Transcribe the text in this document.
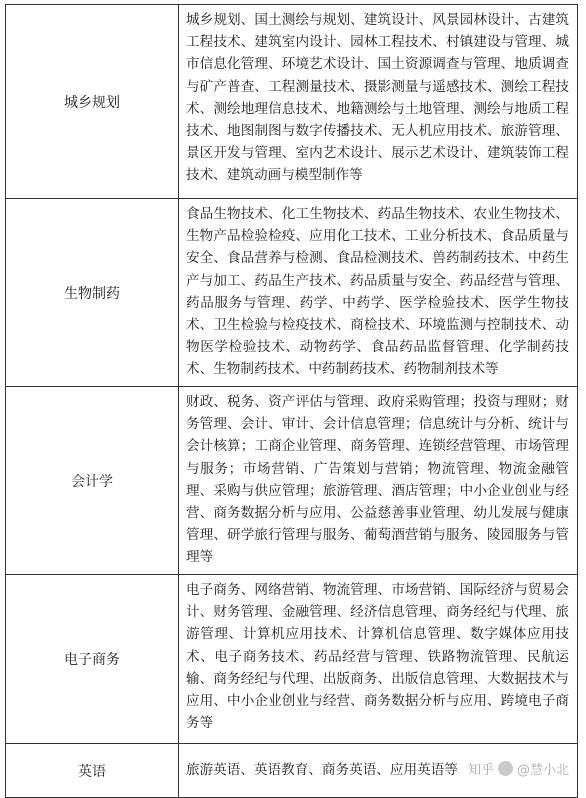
城乡规划
城乡规划、国土测绘与规划、建筑设计、风景园林设计、古建筑工程技术、建筑室内设计、园林工程技术、村镇建设与管理、城市信息化管理、环境艺术设计、国土资源调查与管理、地质调查与矿产普查、工程测量技术、摄影测量与遥感技术、测绘工程技术、测绘地理信息技术、地籍测绘与土地管理、测绘与地质工程技术、地图制图与数字传播技术、无人机应用技术、旅游管理、景区开发与管理、室内艺术设计、展示艺术设计、建筑装饰工程技术、建筑动画与模型制作等
生物制药
食品生物技术、化工生物技术、药品生物技术、农业生物技术、生物产品检验检疫、应用化工技术、工业分析技术、食品质量与安全、食品营养与检测、食品检测技术、兽药制药技术、中药生产与加工、药品生产技术、药品质量与安全、药品经营与管理、药品服务与管理、药学、中药学、医学检验技术、医学生物技术、卫生检验与检疫技术、商检技术、环境监测与控制技术、动物医学检验技术、动物药学、食品药品监督管理、化学制药技术、生物制药技术、中药制药技术、药物制剂技术等
会计学
财政、税务、资产评估与管理、政府采购管理；投资与理财；财务管理、会计、审计、会计信息管理；信息统计与分析、统计与会计核算；工商企业管理、商务管理、连锁经营管理、市场管理与服务；市场营销、广告策划与营销；物流管理、物流金融管理、采购与供应管理；旅游管理、酒店管理；中小企业创业与经营、商务数据分析与应用、公益慈善事业管理、幼儿发展与健康管理、研学旅行管理与服务、葡萄酒营销与服务、陵园服务与管理等
电子商务
电子商务、网络营销、物流管理、市场营销、国际经济与贸易会计、财务管理、金融管理、经济信息管理、商务经纪与代理、旅游管理、计算机应用技术、计算机信息管理、数字媒体应用技术、电子商务技术、药品经营与管理、铁路物流管理、民航运输、商务经纪与代理、出版商务、出版信息管理、大数据技术与应用、中小企业创业与经营、商务数据分析与应用、跨境电子商务等
英语	旅游英语、英语教育、商务英语、应用英语等 知乎 @慧小北
